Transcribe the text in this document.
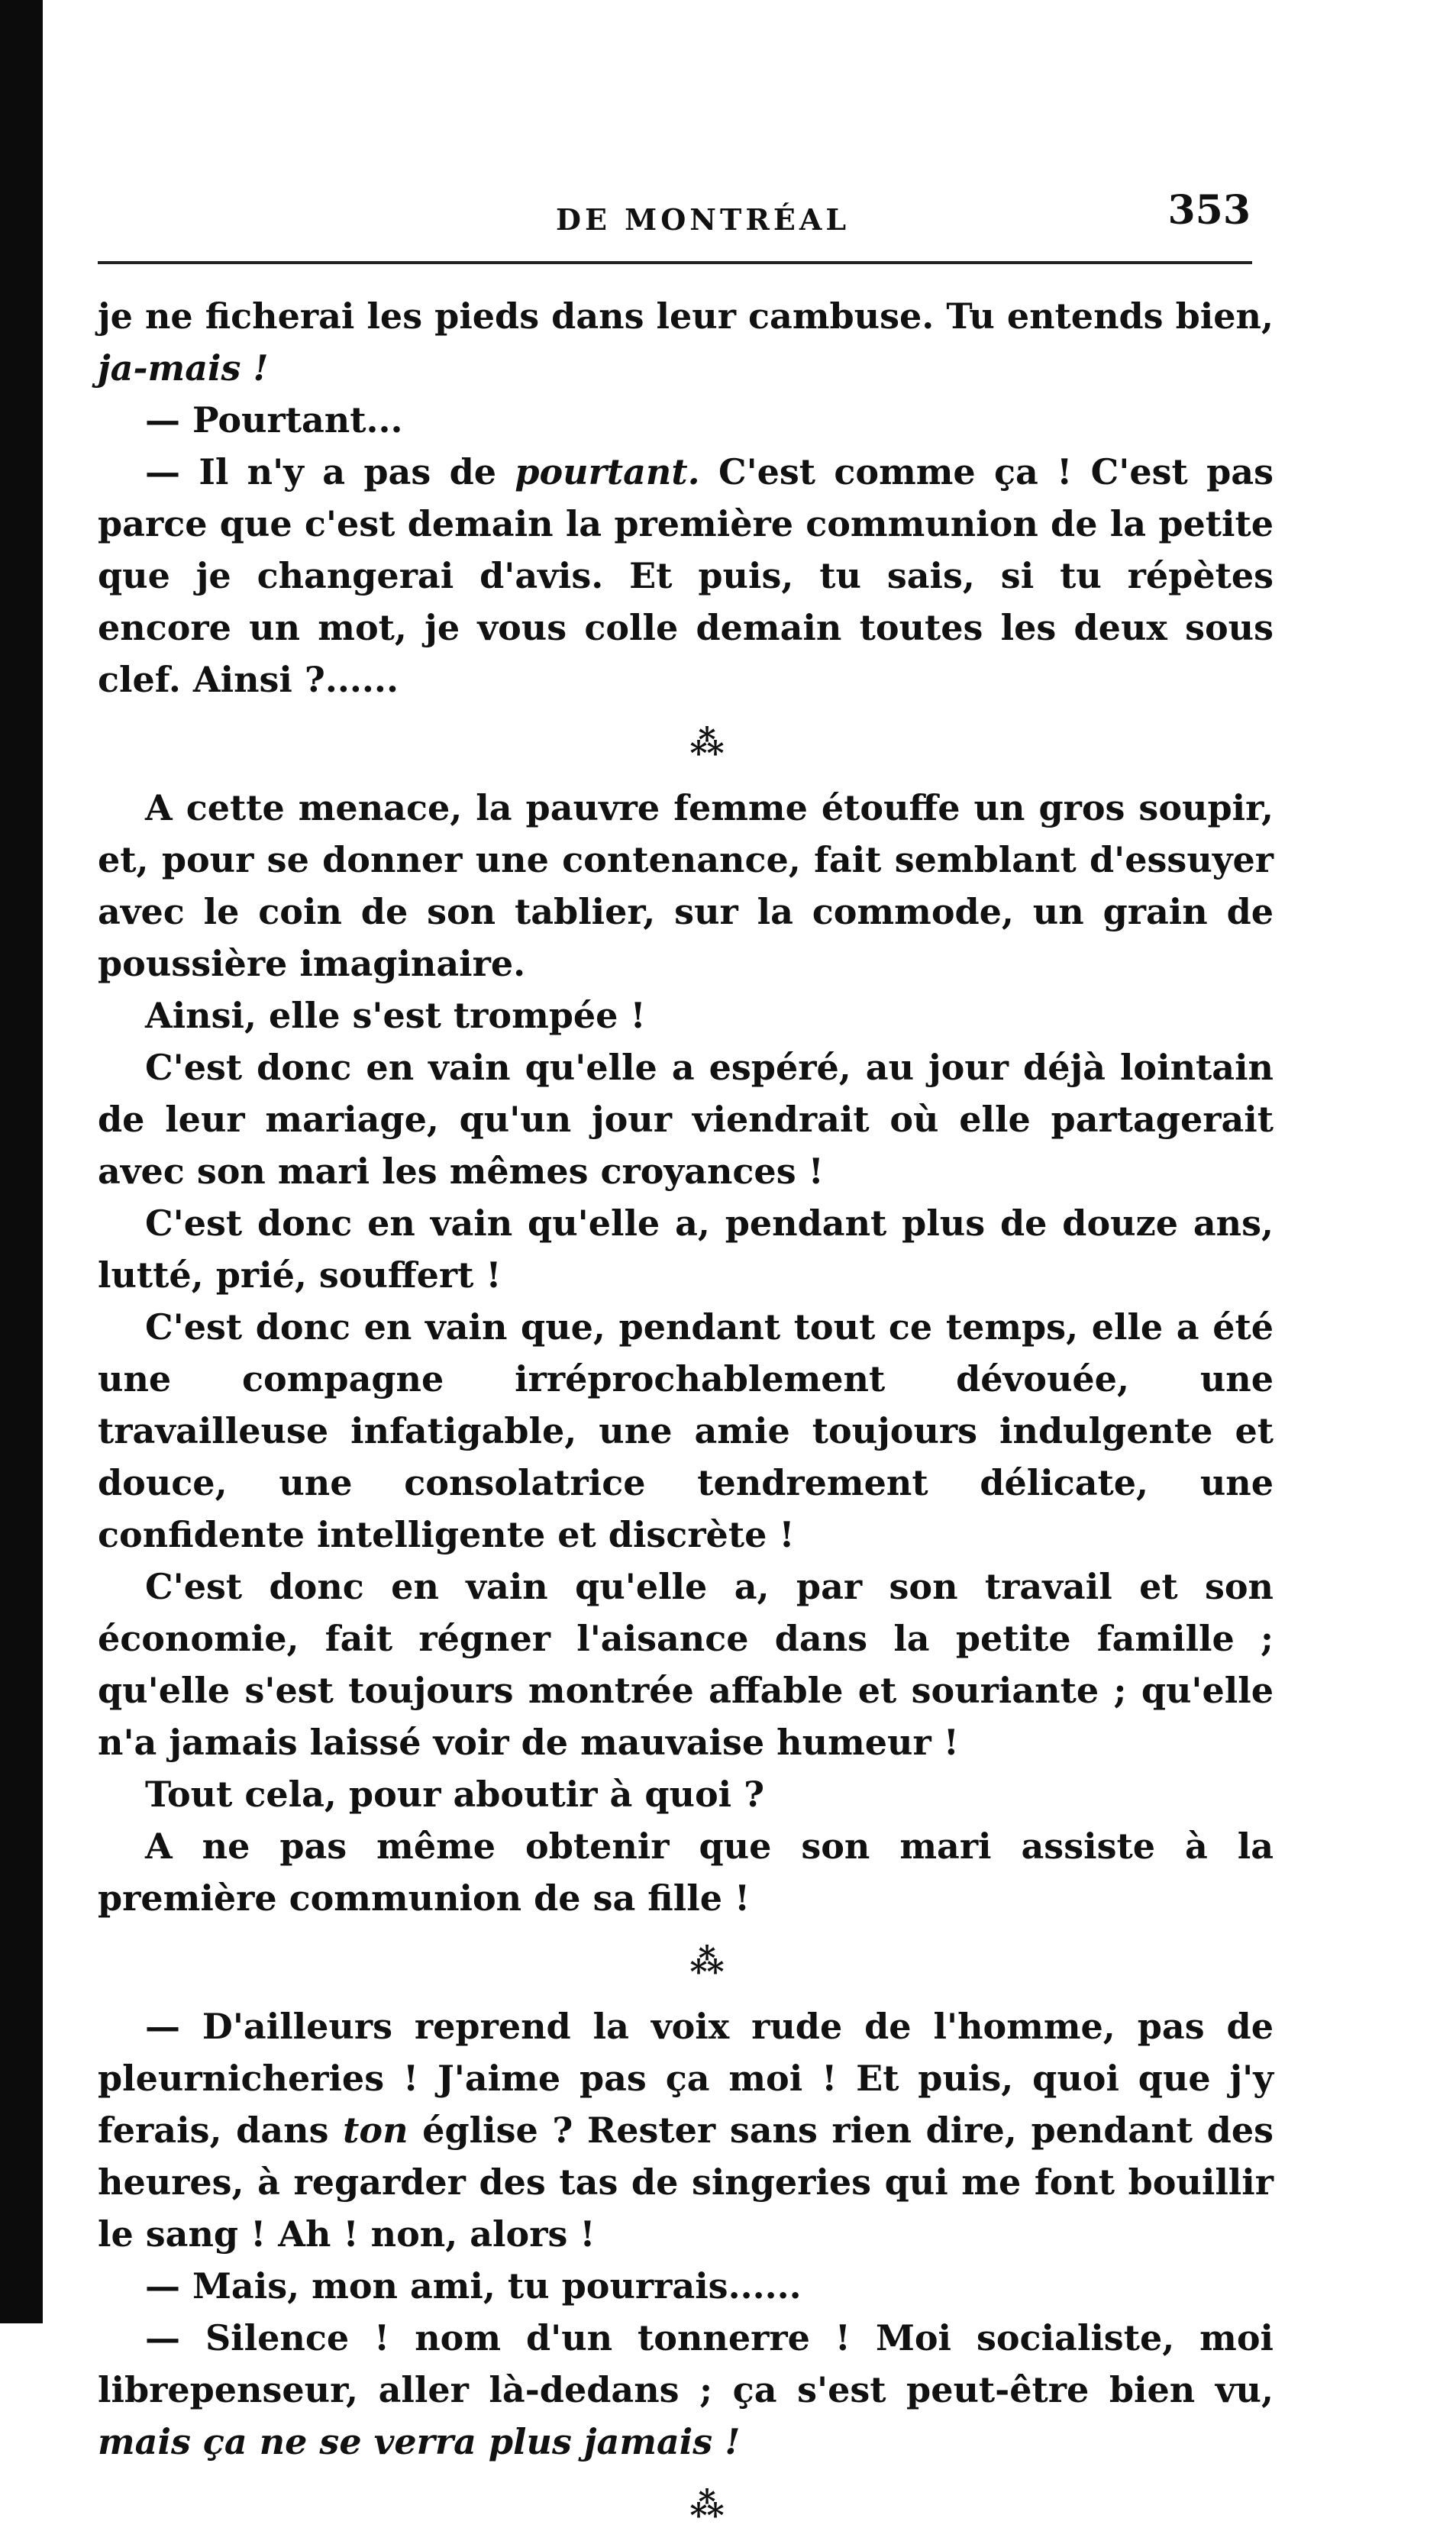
DE MONTRÉAL	353

je ne ficherai les pieds dans leur cambuse. Tu entends bien, ja-mais !

— Pourtant...

— Il n'y a pas de pourtant. C'est comme ça ! C'est pas parce que c'est demain la première communion de la petite que je changerai d'avis. Et puis, tu sais, si tu répètes encore un mot, je vous colle demain toutes les deux sous clef. Ainsi ?......

⁂

A cette menace, la pauvre femme étouffe un gros soupir, et, pour se donner une contenance, fait semblant d'essuyer avec le coin de son tablier, sur la commode, un grain de poussière imaginaire.

Ainsi, elle s'est trompée !

C'est donc en vain qu'elle a espéré, au jour déjà lointain de leur mariage, qu'un jour viendrait où elle partagerait avec son mari les mêmes croyances !

C'est donc en vain qu'elle a, pendant plus de douze ans, lutté, prié, souffert !

C'est donc en vain que, pendant tout ce temps, elle a été une compagne irréprochablement dévouée, une travailleuse infatigable, une amie toujours indulgente et douce, une consolatrice tendrement délicate, une confidente intelligente et discrète !

C'est donc en vain qu'elle a, par son travail et son économie, fait régner l'aisance dans la petite famille ; qu'elle s'est toujours montrée affable et souriante ; qu'elle n'a jamais laissé voir de mauvaise humeur !

Tout cela, pour aboutir à quoi ?

A ne pas même obtenir que son mari assiste à la première communion de sa fille !

⁂

— D'ailleurs reprend la voix rude de l'homme, pas de pleurnicheries ! J'aime pas ça moi ! Et puis, quoi que j'y ferais, dans ton église ? Rester sans rien dire, pendant des heures, à regarder des tas de singeries qui me font bouillir le sang ! Ah ! non, alors !

— Mais, mon ami, tu pourrais......

— Silence ! nom d'un tonnerre ! Moi socialiste, moi librepenseur, aller là-dedans ; ça s'est peut-être bien vu, mais ça ne se verra plus jamais !

⁂
